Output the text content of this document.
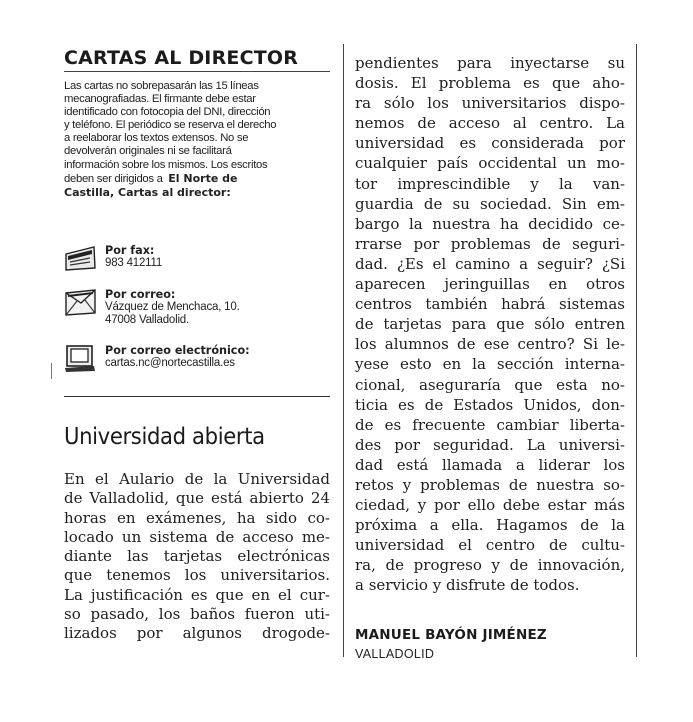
CARTAS AL DIRECTOR
Las cartas no sobrepasarán las 15 líneas
mecanografiadas. El firmante debe estar
identificado con fotocopia del DNI, dirección
y teléfono. El periódico se reserva el derecho
a reelaborar los textos extensos. No se
devolverán originales ni se facilitará
información sobre los mismos. Los escritos
deben ser dirigidos a El Norte de
Castilla, Cartas al director:
Por fax:
983 412111
Por correo:
Vázquez de Menchaca, 10.
47008 Valladolid.
Por correo electrónico:
cartas.nc@nortecastilla.es
Universidad abierta
En el Aulario de la Universidad
de Valladolid, que está abierto 24
horas en exámenes, ha sido co-
locado un sistema de acceso me-
diante las tarjetas electrónicas
que tenemos los universitarios.
La justificación es que en el cur-
so pasado, los baños fueron uti-
lizados por algunos drogode-
pendientes para inyectarse su
dosis. El problema es que aho-
ra sólo los universitarios dispo-
nemos de acceso al centro. La
universidad es considerada por
cualquier país occidental un mo-
tor imprescindible y la van-
guardia de su sociedad. Sin em-
bargo la nuestra ha decidido ce-
rrarse por problemas de seguri-
dad. ¿Es el camino a seguir? ¿Si
aparecen jeringuillas en otros
centros también habrá sistemas
de tarjetas para que sólo entren
los alumnos de ese centro? Si le-
yese esto en la sección interna-
cional, aseguraría que esta no-
ticia es de Estados Unidos, don-
de es frecuente cambiar liberta-
des por seguridad. La universi-
dad está llamada a liderar los
retos y problemas de nuestra so-
ciedad, y por ello debe estar más
próxima a ella. Hagamos de la
universidad el centro de cultu-
ra, de progreso y de innovación,
a servicio y disfrute de todos.
MANUEL BAYÓN JIMÉNEZ
VALLADOLID
